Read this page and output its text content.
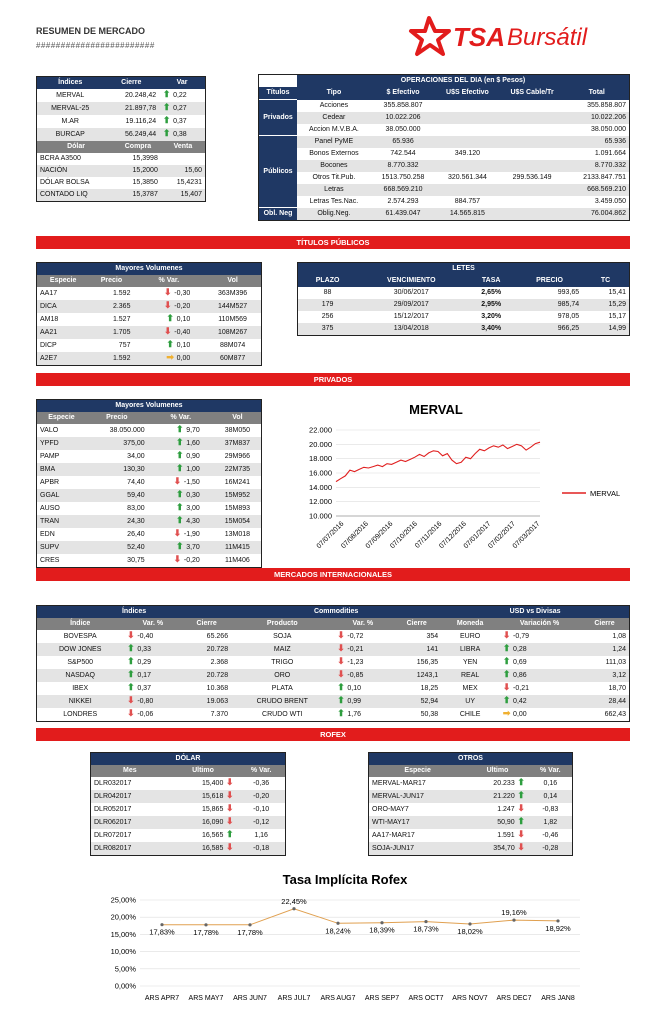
RESUMEN DE MERCADO
########################	TSA Bursátil
Índices	Cierre	Var
MERVAL	20.248,42	⬆ 0,22
MERVAL-25	21.897,78	⬆ 0,27
M.AR	19.116,24	⬆ 0,37
BURCAP	56.249,44	⬆ 0,38
Dólar	Compra	Venta
BCRA A3500	15,3998	
NACIÓN	15,2000	15,60
DÓLAR BOLSA	15,3850	15,4231
CONTADO LIQ	15,3787	15,407
	OPERACIONES DEL DIA (en $ Pesos)				
Títulos	Tipo	$ Efectivo	U$S Efectivo	U$S Cable/Tr	Total
Privados	Acciones	355.858.807			355.858.807
	Cedear	10.022.206			10.022.206
	Accion M.V.B.A.	38.050.000			38.050.000
Públicos	Panel PyME	65.936			65.936
	Bonos Externos	742.544	349.120		1.091.664
	Bocones	8.770.332			8.770.332
	Otros Tit.Pub.	1513.750.258	320.561.344	299.536.149	2133.847.751
	Letras	668.569.210			668.569.210
	Letras Tes.Nac.	2.574.293	884.757		3.459.050
Obl. Neg	Oblig.Neg.	61.439.047	14.565.815		76.004.862
TÍTULOS PÚBLICOS
Mayores Volumenes			
Especie	Precio	% Var.	Vol
AA17	1.592	⬇ -0,30	363M396
DICA	2.365	⬇ -0,20	144M527
AM18	1.527	⬆ 0,10	110M569
AA21	1.705	⬇ -0,40	108M267
DICP	757	⬆ 0,10	88M074
A2E7	1.592	➡ 0,00	60M877
LETES				
PLAZO	VENCIMIENTO	TASA	PRECIO	TC
88	30/06/2017	2,65%	993,65	15,41
179	29/09/2017	2,95%	985,74	15,29
256	15/12/2017	3,20%	978,05	15,17
375	13/04/2018	3,40%	966,25	14,99
PRIVADOS
Mayores Volumenes			
Especie	Precio	% Var.	Vol
VALO	38.050.000	⬆ 9,70	38M050
YPFD	375,00	⬆ 1,60	37M837
PAMP	34,00	⬆ 0,90	29M966
BMA	130,30	⬆ 1,00	22M735
APBR	74,40	⬇ -1,50	16M241
GGAL	59,40	⬆ 0,30	15M952
AUSO	83,00	⬆ 3,00	15M893
TRAN	24,30	⬆ 4,30	15M054
EDN	26,40	⬇ -1,90	13M018
SUPV	52,40	⬆ 3,70	11M415
CRES	30,75	⬇ -0,20	11M406
MERVAL
10.000
12.000
14.000
16.000
18.000
20.000
22.000
07/07/2016
07/08/2016
07/09/2016
07/10/2016
07/11/2016
07/12/2016
07/01/2017
07/02/2017
07/03/2017
MERVAL
MERCADOS INTERNACIONALES
Índices			Commodities			USD vs Divisas		
Índice	Var. %	Cierre	Producto	Var. %	Cierre	Moneda	Variación %	Cierre
BOVESPA	⬇ -0,40	65.266	SOJA	⬇ -0,72	354	EURO	⬇ -0,79	1,08
DOW JONES	⬆ 0,33	20.728	MAIZ	⬇ -0,21	141	LIBRA	⬆ 0,28	1,24
S&P500	⬆ 0,29	2.368	TRIGO	⬇ -1,23	156,35	YEN	⬆ 0,69	111,03
NASDAQ	⬆ 0,17	20.728	ORO	⬇ -0,85	1243,1	REAL	⬆ 0,86	3,12
IBEX	⬆ 0,37	10.368	PLATA	⬆ 0,10	18,25	MEX	⬇ -0,21	18,70
NIKKEI	⬇ -0,80	19.063	CRUDO BRENT	⬆ 0,99	52,94	UY	⬆ 0,42	28,44
LONDRES	⬇ -0,06	7.370	CRUDO WTI	⬆ 1,76	50,38	CHILE	➡ 0,00	662,43
ROFEX
DÓLAR		
Mes	Ultimo	% Var.
DLR032017	15,400 ⬇	-0,36
DLR042017	15,618 ⬇	-0,20
DLR052017	15,865 ⬇	-0,10
DLR062017	16,090 ⬇	-0,12
DLR072017	16,565 ⬆	1,16
DLR082017	16,585 ⬇	-0,18
OTROS		
Especie	Ultimo	% Var.
MERVAL-MAR17	20.233 ⬆	0,16
MERVAL-JUN17	21.220 ⬆	0,14
ORO-MAY7	1.247 ⬇	-0,83
WTI-MAY17	50,90 ⬆	1,82
AA17-MAR17	1.591 ⬇	-0,46
SOJA-JUN17	354,70 ⬇	-0,28
Tasa Implícita Rofex
0,00%
5,00%
10,00%
15,00%
20,00%
25,00%
17,83% 17,78% 17,78%
22,45%
18,24% 18,39% 18,73% 18,02%
19,16%
18,92%
ARS APR7 ARS MAY7 ARS JUN7 ARS JUL7 ARS AUG7 ARS SEP7 ARS OCT7 ARS NOV7 ARS DEC7 ARS JAN8
